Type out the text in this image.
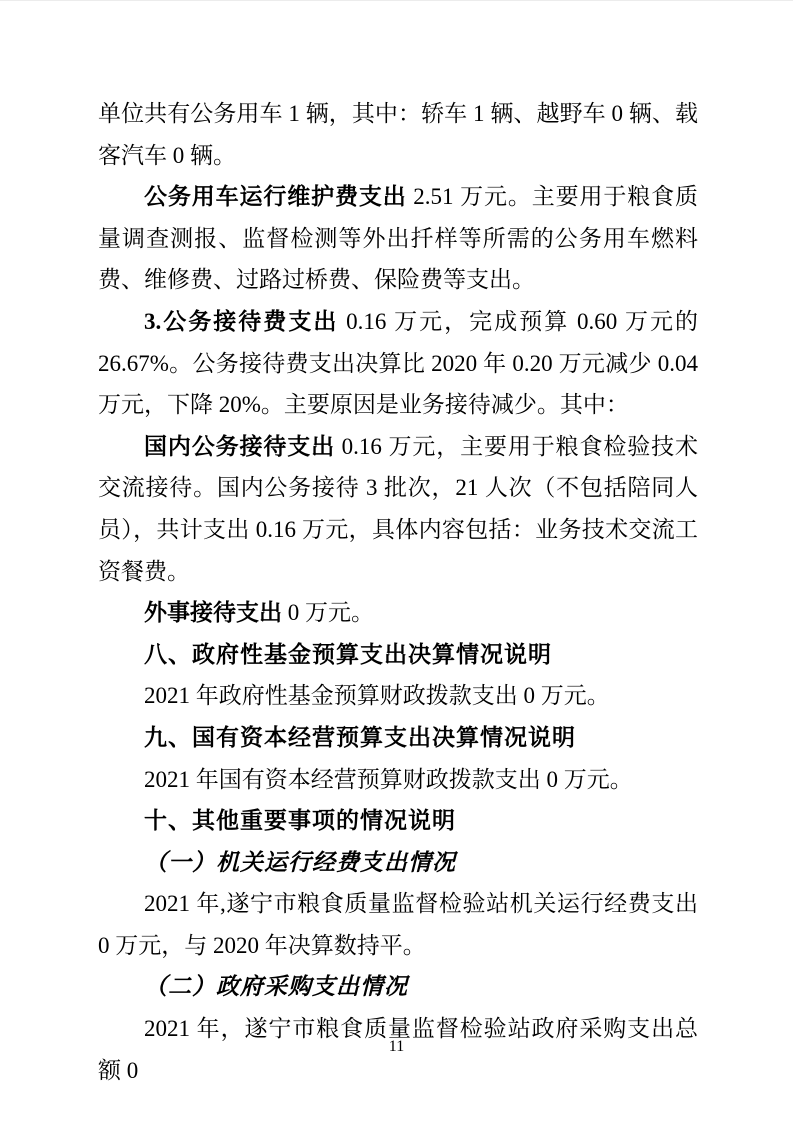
单位共有公务用车 1 辆，其中：轿车 1 辆、越野车 0 辆、载客汽车 0 辆。

公务用车运行维护费支出 2.51 万元。主要用于粮食质量调查测报、监督检测等外出扦样等所需的公务用车燃料费、维修费、过路过桥费、保险费等支出。

3.公务接待费支出 0.16 万元，完成预算 0.60 万元的 26.67%。公务接待费支出决算比 2020 年 0.20 万元减少 0.04 万元，下降 20%。主要原因是业务接待减少。其中：

国内公务接待支出 0.16 万元，主要用于粮食检验技术交流接待。国内公务接待 3 批次，21 人次（不包括陪同人员），共计支出 0.16 万元，具体内容包括：业务技术交流工资餐费。

外事接待支出 0 万元。

八、政府性基金预算支出决算情况说明

2021 年政府性基金预算财政拨款支出 0 万元。

九、国有资本经营预算支出决算情况说明

2021 年国有资本经营预算财政拨款支出 0 万元。

十、其他重要事项的情况说明

（一）机关运行经费支出情况

2021 年,遂宁市粮食质量监督检验站机关运行经费支出 0 万元，与 2020 年决算数持平。

（二）政府采购支出情况

2021 年，遂宁市粮食质量监督检验站政府采购支出总额 0

11
